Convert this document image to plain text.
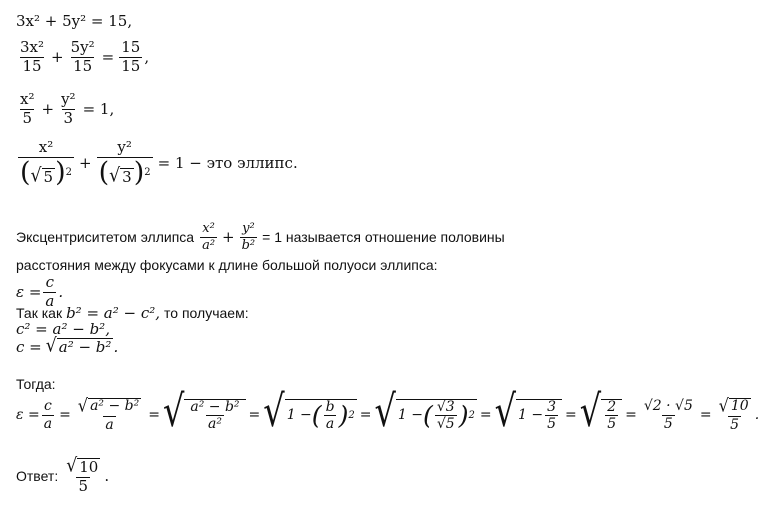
3x² + 5y² = 15,
$\frac{\text{3x²}}{15} + \frac{\text{5y²}}{15} = \frac{15}{15}$ ,
$\frac{\text{x²}}{5} + \frac{\text{y²}}{3} = 1$,
$\frac{\text{x²}}{( √ 5 )^2} + \frac{\text{y²}}{( √ 3 )^2} = 1$ − это эллипс.
Эксцентриситетом эллипса $\frac{\text{x²}}{\text{a²}} + \frac{\text{y²}}{\text{b²}} = 1$ называется отношение половины
расстояния между фокусами к длине большой полуоси эллипса:
$\varepsilon = \frac{c}{a}$ .
Так как b² = a² − c², то получаем:
c² = a² − b²,
c = √ a² − b² .
Тогда:
$\varepsilon = \frac{c}{a} = \frac{\text{√ a² − b²}}{a}$ = √ $\frac{\text{a² − b²}}{\text{a²}}$ = √ 1 − ( $\frac{b}{a}$ ) 2 = √ 1 − ( $\frac{√3}{√5}$ ) 2 = √ $1 - \frac{3}{5}$ = √ $\frac{2}{5} = \frac{√2 \cdot √5}{5} = \frac{√ 10}{5}$ .
Ответ: $\frac{√ 10}{5}$ .
